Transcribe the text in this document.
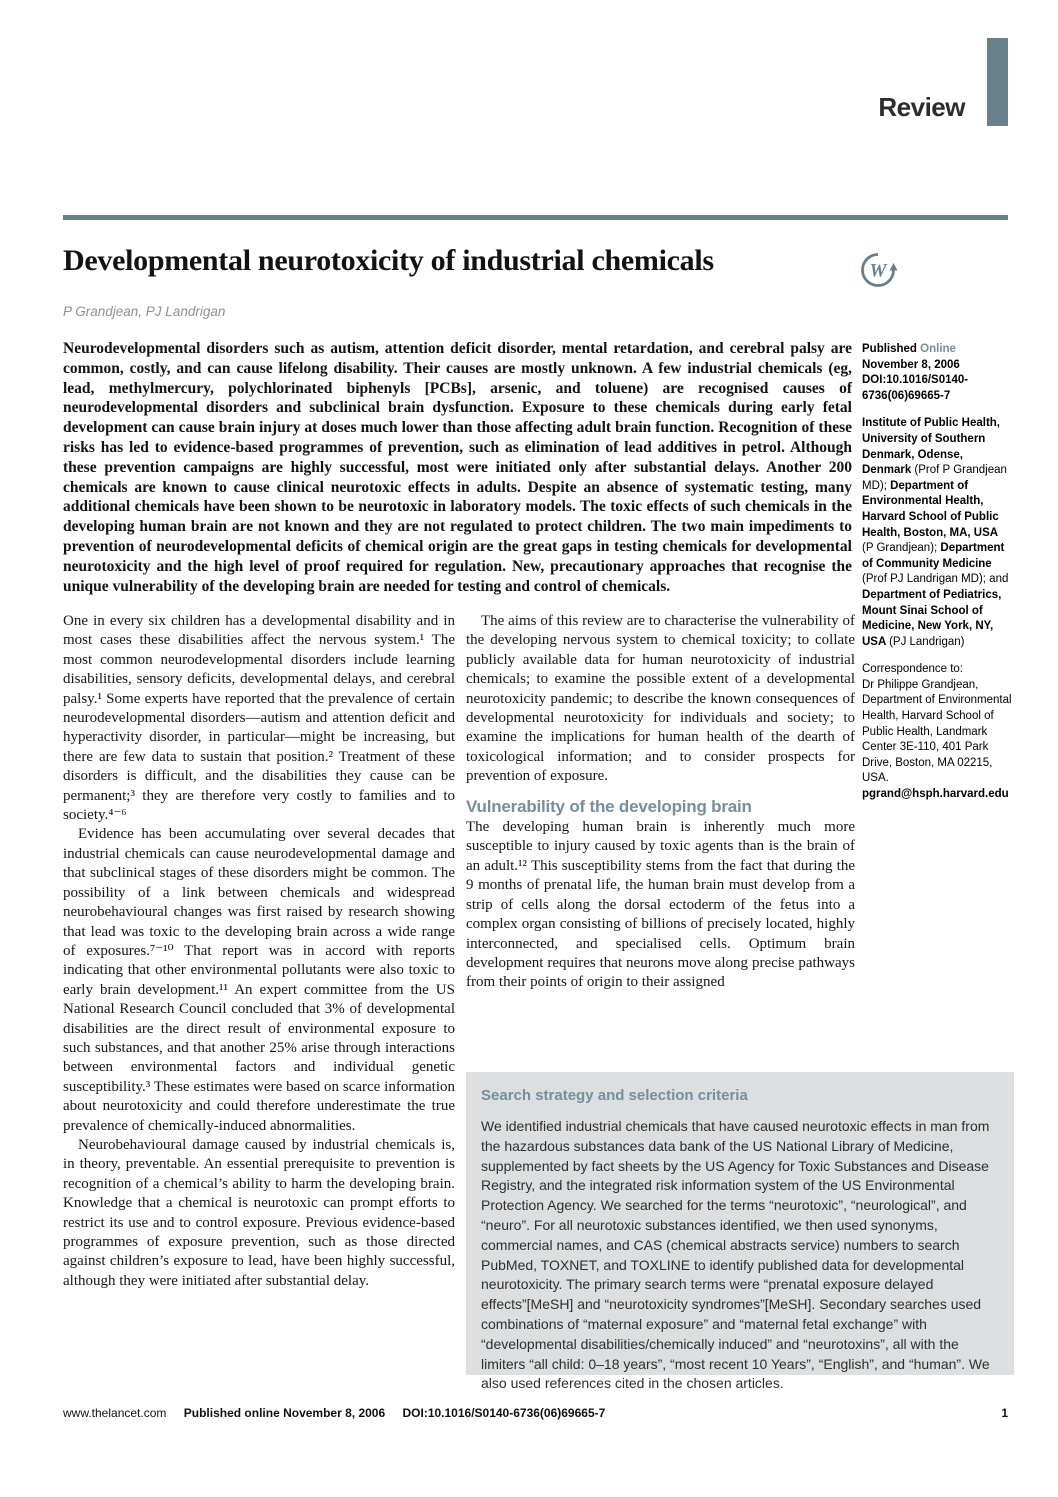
Review
Developmental neurotoxicity of industrial chemicals	W
P Grandjean, PJ Landrigan

Neurodevelopmental disorders such as autism, attention deficit disorder, mental retardation, and cerebral palsy are common, costly, and can cause lifelong disability. Their causes are mostly unknown. A few industrial chemicals (eg, lead, methylmercury, polychlorinated biphenyls [PCBs], arsenic, and toluene) are recognised causes of neurodevelopmental disorders and subclinical brain dysfunction. Exposure to these chemicals during early fetal development can cause brain injury at doses much lower than those affecting adult brain function. Recognition of these risks has led to evidence-based programmes of prevention, such as elimination of lead additives in petrol. Although these prevention campaigns are highly successful, most were initiated only after substantial delays. Another 200 chemicals are known to cause clinical neurotoxic effects in adults. Despite an absence of systematic testing, many additional chemicals have been shown to be neurotoxic in laboratory models. The toxic effects of such chemicals in the developing human brain are not known and they are not regulated to protect children. The two main impediments to prevention of neurodevelopmental deficits of chemical origin are the great gaps in testing chemicals for developmental neurotoxicity and the high level of proof required for regulation. New, precautionary approaches that recognise the unique vulnerability of the developing brain are needed for testing and control of chemicals.

Published Online
November 8, 2006
DOI:10.1016/S0140-6736(06)69665-7

Institute of Public Health, University of Southern Denmark, Odense, Denmark (Prof P Grandjean MD); Department of Environmental Health, Harvard School of Public Health, Boston, MA, USA (P Grandjean); Department of Community Medicine (Prof PJ Landrigan MD); and Department of Pediatrics, Mount Sinai School of Medicine, New York, NY, USA (PJ Landrigan)

Correspondence to:
Dr Philippe Grandjean, Department of Environmental Health, Harvard School of Public Health, Landmark Center 3E-110, 401 Park Drive, Boston, MA 02215, USA.
pgrand@hsph.harvard.edu

One in every six children has a developmental disability and in most cases these disabilities affect the nervous system.¹ The most common neurodevelopmental disorders include learning disabilities, sensory deficits, developmental delays, and cerebral palsy.¹ Some experts have reported that the prevalence of certain neurodevelopmental disorders—autism and attention deficit and hyperactivity disorder, in particular—might be increasing, but there are few data to sustain that position.² Treatment of these disorders is difficult, and the disabilities they cause can be permanent;³ they are therefore very costly to families and to society.⁴⁻⁶

Evidence has been accumulating over several decades that industrial chemicals can cause neurodevelopmental damage and that subclinical stages of these disorders might be common. The possibility of a link between chemicals and widespread neurobehavioural changes was first raised by research showing that lead was toxic to the developing brain across a wide range of exposures.⁷⁻¹⁰ That report was in accord with reports indicating that other environmental pollutants were also toxic to early brain development.¹¹ An expert committee from the US National Research Council concluded that 3% of developmental disabilities are the direct result of environmental exposure to such substances, and that another 25% arise through interactions between environmental factors and individual genetic susceptibility.³ These estimates were based on scarce information about neurotoxicity and could therefore underestimate the true prevalence of chemically-induced abnormalities.

Neurobehavioural damage caused by industrial chemicals is, in theory, preventable. An essential prerequisite to prevention is recognition of a chemical’s ability to harm the developing brain. Knowledge that a chemical is neurotoxic can prompt efforts to restrict its use and to control exposure. Previous evidence-based programmes of exposure prevention, such as those directed against children’s exposure to lead, have been highly successful, although they were initiated after substantial delay.

The aims of this review are to characterise the vulnerability of the developing nervous system to chemical toxicity; to collate publicly available data for human neurotoxicity of industrial chemicals; to examine the possible extent of a developmental neurotoxicity pandemic; to describe the known consequences of developmental neurotoxicity for individuals and society; to examine the implications for human health of the dearth of toxicological information; and to consider prospects for prevention of exposure.

Vulnerability of the developing brain

The developing human brain is inherently much more susceptible to injury caused by toxic agents than is the brain of an adult.¹² This susceptibility stems from the fact that during the 9 months of prenatal life, the human brain must develop from a strip of cells along the dorsal ectoderm of the fetus into a complex organ consisting of billions of precisely located, highly interconnected, and specialised cells. Optimum brain development requires that neurons move along precise pathways from their points of origin to their assigned

Search strategy and selection criteria

We identified industrial chemicals that have caused neurotoxic effects in man from the hazardous substances data bank of the US National Library of Medicine, supplemented by fact sheets by the US Agency for Toxic Substances and Disease Registry, and the integrated risk information system of the US Environmental Protection Agency. We searched for the terms “neurotoxic”, “neurological”, and “neuro”. For all neurotoxic substances identified, we then used synonyms, commercial names, and CAS (chemical abstracts service) numbers to search PubMed, TOXNET, and TOXLINE to identify published data for developmental neurotoxicity. The primary search terms were “prenatal exposure delayed effects”[MeSH] and “neurotoxicity syndromes”[MeSH]. Secondary searches used combinations of “maternal exposure” and “maternal fetal exchange” with “developmental disabilities/chemically induced” and “neurotoxins”, all with the limiters “all child: 0–18 years”, “most recent 10 Years”, “English”, and “human”. We also used references cited in the chosen articles.

www.thelancet.com Published online November 8, 2006 DOI:10.1016/S0140-6736(06)69665-7	1
